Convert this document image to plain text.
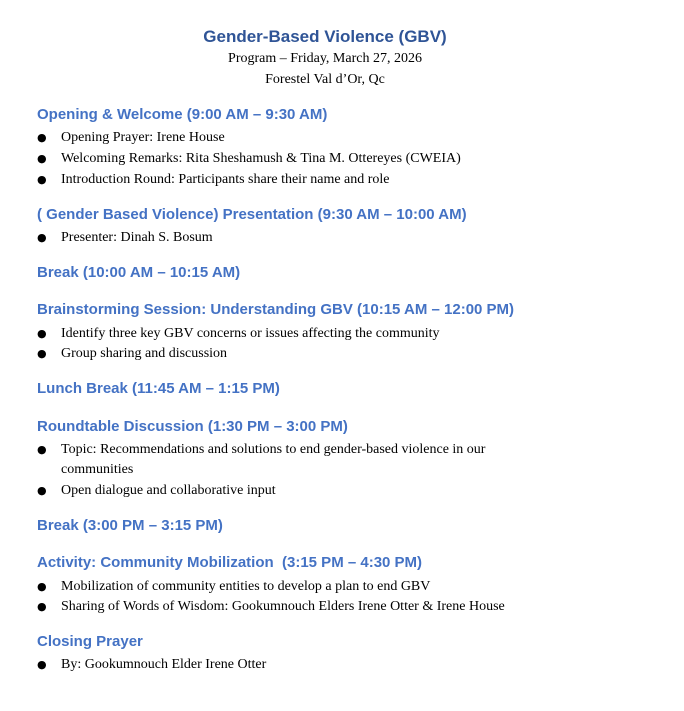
Gender-Based Violence (GBV)
Program – Friday, March 27, 2026
Forestel Val d’Or, Qc
Opening & Welcome (9:00 AM – 9:30 AM)
● Opening Prayer: Irene House
● Welcoming Remarks: Rita Sheshamush & Tina M. Ottereyes (CWEIA)
● Introduction Round: Participants share their name and role
( Gender Based Violence) Presentation (9:30 AM – 10:00 AM)
● Presenter: Dinah S. Bosum
Break (10:00 AM – 10:15 AM)
Brainstorming Session: Understanding GBV (10:15 AM – 12:00 PM)
● Identify three key GBV concerns or issues affecting the community
● Group sharing and discussion
Lunch Break (11:45 AM – 1:15 PM)
Roundtable Discussion (1:30 PM – 3:00 PM)
● Topic: Recommendations and solutions to end gender-based violence in our communities
● Open dialogue and collaborative input
Break (3:00 PM – 3:15 PM)
Activity: Community Mobilization  (3:15 PM – 4:30 PM)
● Mobilization of community entities to develop a plan to end GBV
● Sharing of Words of Wisdom: Gookumnouch Elders Irene Otter & Irene House
Closing Prayer
● By: Gookumnouch Elder Irene Otter
